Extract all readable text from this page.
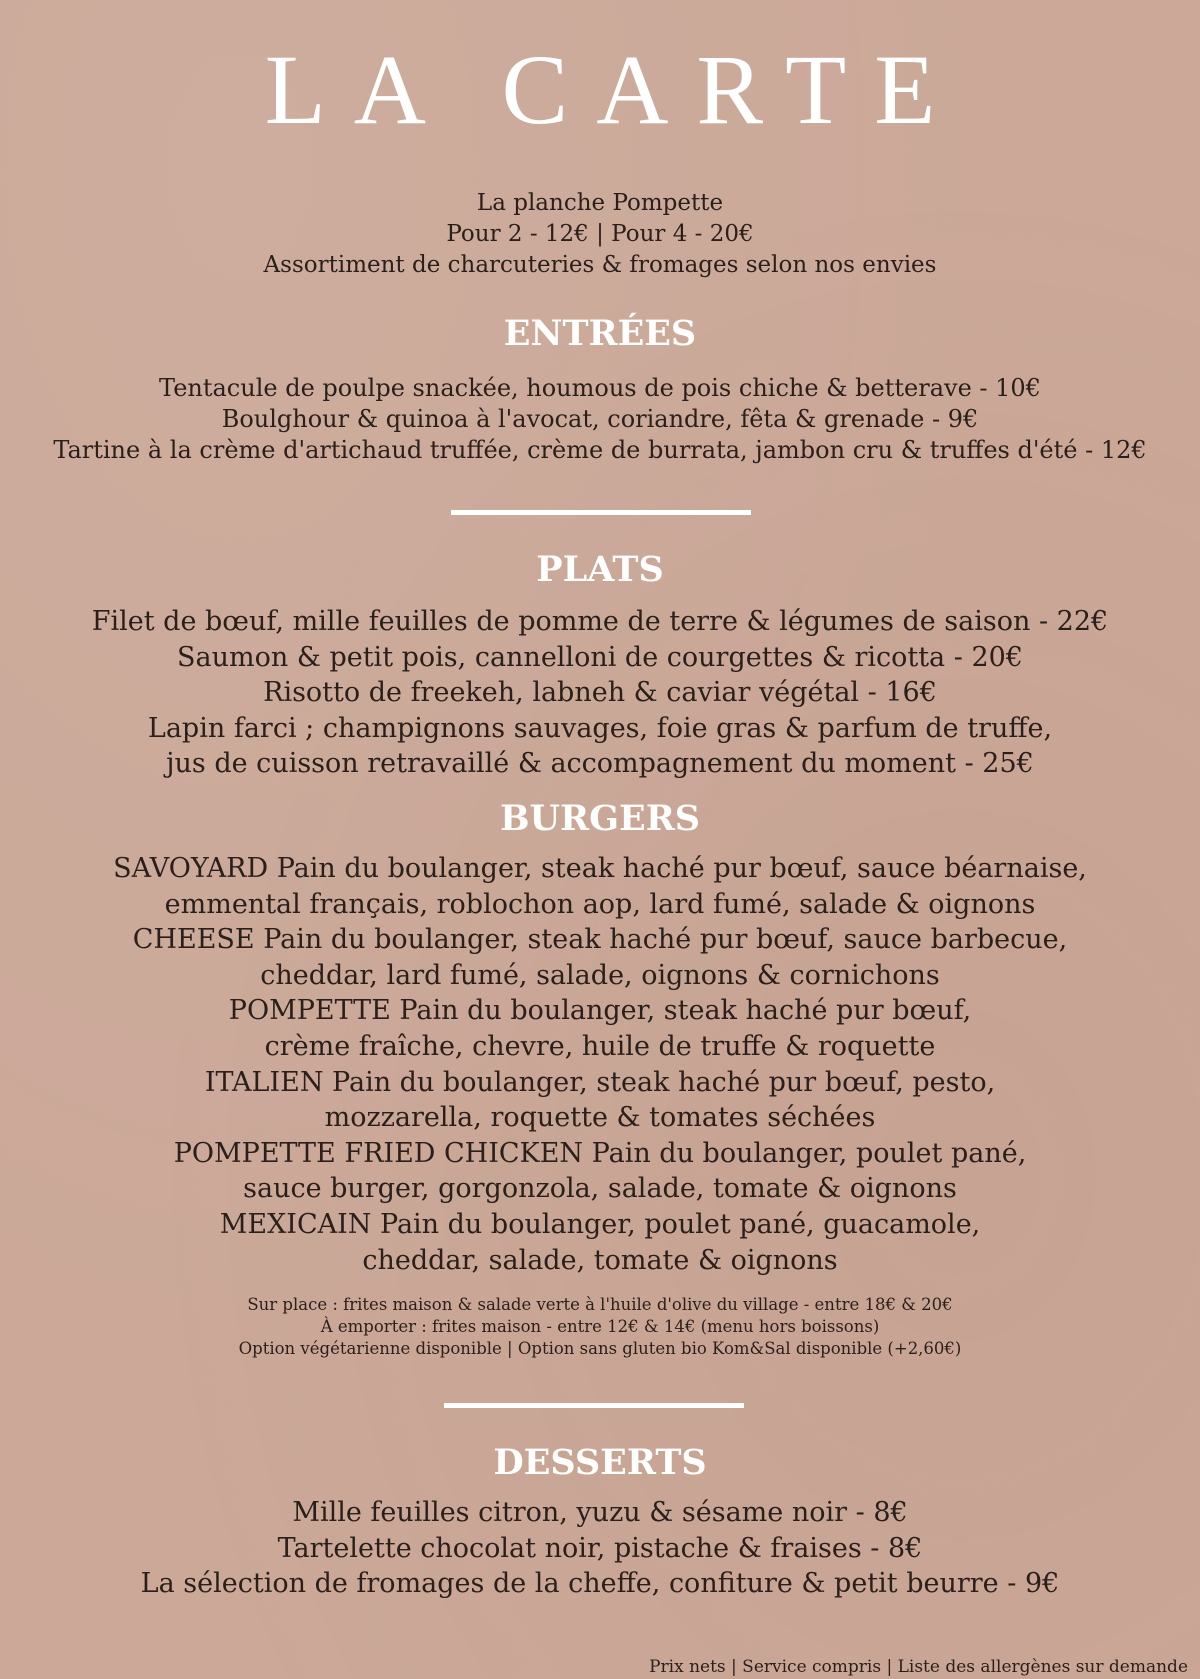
LA CARTE
La planche Pompette
Pour 2 - 12€ | Pour 4 - 20€
Assortiment de charcuteries & fromages selon nos envies
ENTRÉES
Tentacule de poulpe snackée, houmous de pois chiche & betterave - 10€
Boulghour & quinoa à l'avocat, coriandre, fêta & grenade - 9€
Tartine à la crème d'artichaud truffée, crème de burrata, jambon cru & truffes d'été - 12€
PLATS
Filet de bœuf, mille feuilles de pomme de terre & légumes de saison - 22€
Saumon & petit pois, cannelloni de courgettes & ricotta - 20€
Risotto de freekeh, labneh & caviar végétal - 16€
Lapin farci ; champignons sauvages, foie gras & parfum de truffe,
jus de cuisson retravaillé & accompagnement du moment - 25€
BURGERS
SAVOYARD Pain du boulanger, steak haché pur bœuf, sauce béarnaise,
emmental français, roblochon aop, lard fumé, salade & oignons
CHEESE Pain du boulanger, steak haché pur bœuf, sauce barbecue,
cheddar, lard fumé, salade, oignons & cornichons
POMPETTE Pain du boulanger, steak haché pur bœuf,
crème fraîche, chevre, huile de truffe & roquette
ITALIEN Pain du boulanger, steak haché pur bœuf, pesto,
mozzarella, roquette & tomates séchées
POMPETTE FRIED CHICKEN Pain du boulanger, poulet pané,
sauce burger, gorgonzola, salade, tomate & oignons
MEXICAIN Pain du boulanger, poulet pané, guacamole,
cheddar, salade, tomate & oignons
Sur place : frites maison & salade verte à l'huile d'olive du village - entre 18€ & 20€
À emporter : frites maison - entre 12€ & 14€ (menu hors boissons)
Option végétarienne disponible | Option sans gluten bio Kom&Sal disponible (+2,60€)
DESSERTS
Mille feuilles citron, yuzu & sésame noir - 8€
Tartelette chocolat noir, pistache & fraises - 8€
La sélection de fromages de la cheffe, confiture & petit beurre - 9€
Prix nets | Service compris | Liste des allergènes sur demande
